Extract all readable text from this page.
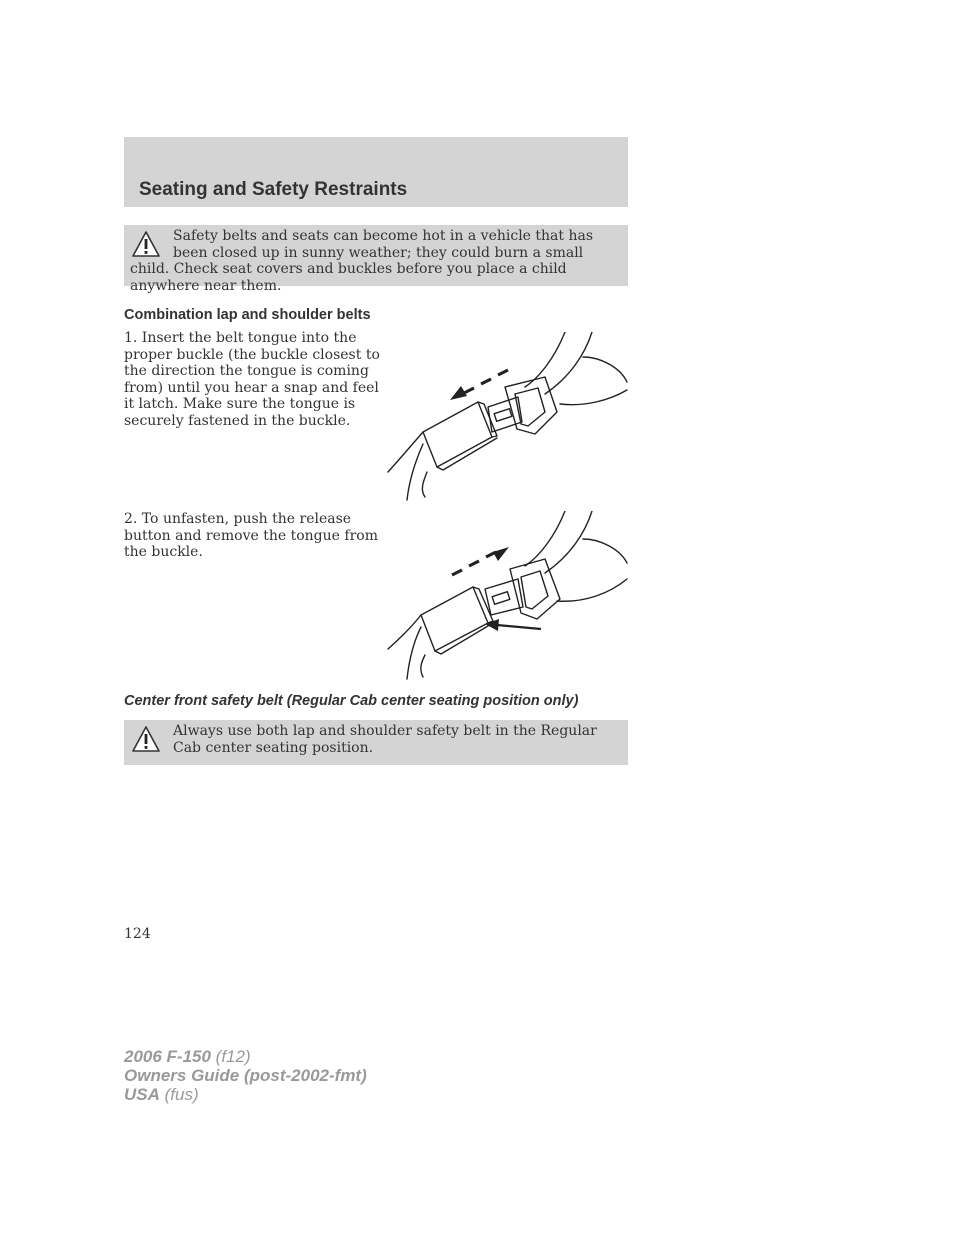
Seating and Safety Restraints
Safety belts and seats can become hot in a vehicle that has been closed up in sunny weather; they could burn a small child. Check seat covers and buckles before you place a child anywhere near them.
Combination lap and shoulder belts
1. Insert the belt tongue into the proper buckle (the buckle closest to the direction the tongue is coming from) until you hear a snap and feel it latch. Make sure the tongue is securely fastened in the buckle.
2. To unfasten, push the release button and remove the tongue from the buckle.
Center front safety belt (Regular Cab center seating position only)
Always use both lap and shoulder safety belt in the Regular Cab center seating position.
124
2006 F-150 (f12)
Owners Guide (post-2002-fmt)
USA (fus)
